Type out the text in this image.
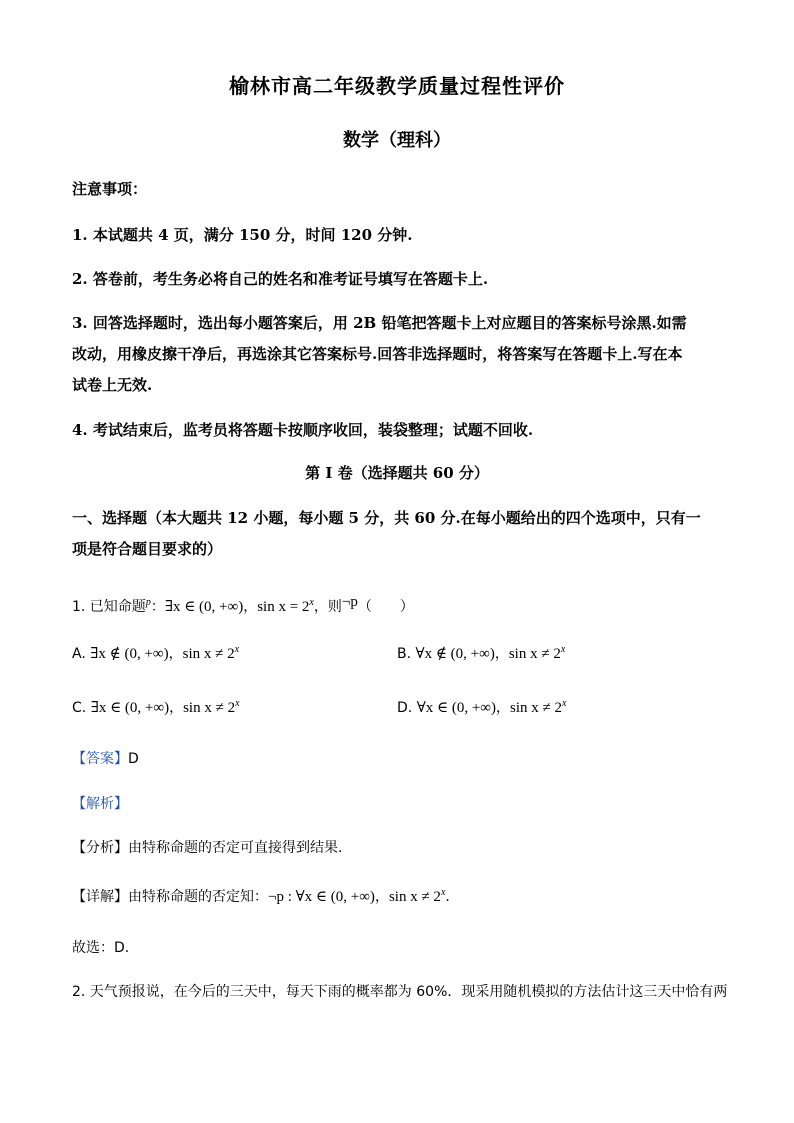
榆林市高二年级教学质量过程性评价
数学（理科）
注意事项：
1. 本试题共 4 页，满分 150 分，时间 120 分钟.
2. 答卷前，考生务必将自己的姓名和准考证号填写在答题卡上.
3. 回答选择题时，选出每小题答案后，用 2B 铅笔把答题卡上对应题目的答案标号涂黑.如需
改动，用橡皮擦干净后，再选涂其它答案标号.回答非选择题时，将答案写在答题卡上.写在本
试卷上无效.
4. 考试结束后，监考员将答题卡按顺序收回，装袋整理；试题不回收.
第 I 卷（选择题共 60 分）
一、选择题（本大题共 12 小题，每小题 5 分，共 60 分.在每小题给出的四个选项中，只有一
项是符合题目要求的）
1. 已知命题$^p$：∃x ∈ (0, +∞)，$\sin x = 2^x$，则¬p（　　）
A. ∃x ∉ (0, +∞)，$\sin x \ne 2^x$	B. ∀x ∉ (0, +∞)，$\sin x \ne 2^x$
C. ∃x ∈ (0, +∞)，$\sin x \ne 2^x$	D. ∀x ∈ (0, +∞)，$\sin x \ne 2^x$
【答案】D
【解析】
【分析】由特称命题的否定可直接得到结果.
【详解】由特称命题的否定知：¬p : ∀x ∈ (0, +∞)，$\sin x \ne 2^x$.
故选：D.
2. 天气预报说，在今后的三天中，每天下雨的概率都为 60%．现采用随机模拟的方法估计这三天中恰有两
